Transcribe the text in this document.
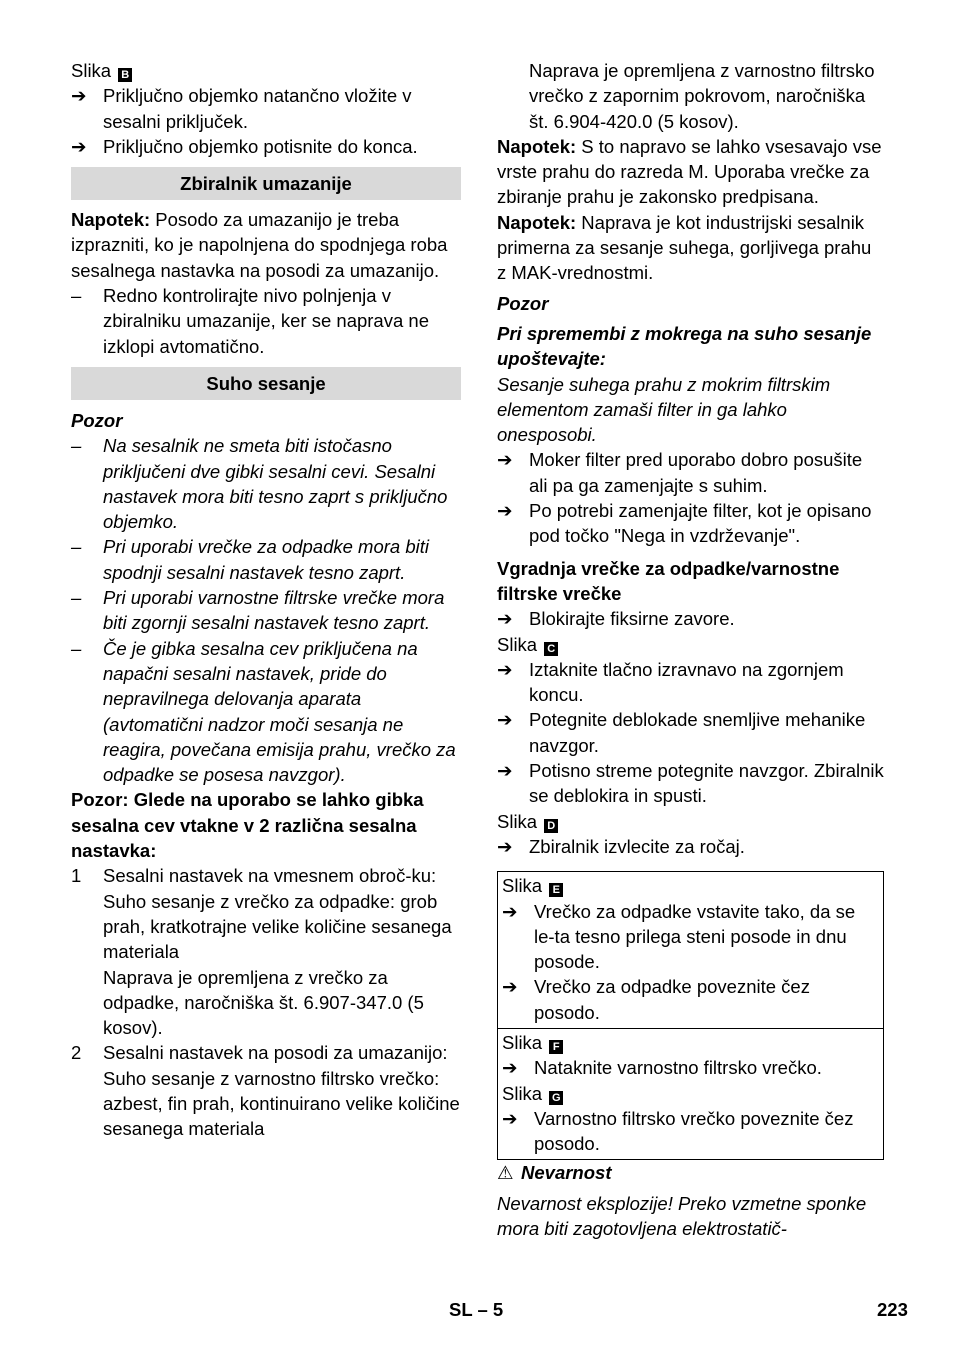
Slika B

➔ Priključno objemko natančno vložite v sesalni priključek.
➔ Priključno objemko potisnite do konca.
Zbiralnik umazanije

Napotek: Posodo za umazanijo je treba izprazniti, ko je napolnjena do spodnjega roba sesalnega nastavka na posodi za umazanijo.

–	Redno kontrolirajte nivo polnjenja v zbiralniku umazanije, ker se naprava ne izklopi avtomatično.
Suho sesanje

Pozor

–	Na sesalnik ne smeta biti istočasno priključeni dve gibki sesalni cevi. Sesalni nastavek mora biti tesno zaprt s priključno objemko.
–	Pri uporabi vrečke za odpadke mora biti spodnji sesalni nastavek tesno zaprt.
–	Pri uporabi varnostne filtrske vrečke mora biti zgornji sesalni nastavek tesno zaprt.
–	Če je gibka sesalna cev priključena na napačni sesalni nastavek, pride do nepravilnega delovanja aparata (avtomatični nadzor moči sesanja ne reagira, povečana emisija prahu, vrečko za odpadke se posesa navzgor).

Pozor: Glede na uporabo se lahko gibka sesalna cev vtakne v 2 različna sesalna nastavka:

1	Sesalni nastavek na vmesnem obroč-ku:

Suho sesanje z vrečko za odpadke: grob prah, kratkotrajne velike količine sesanega materiala

Naprava je opremljena z vrečko za odpadke, naročniška št. 6.907-347.0 (5 kosov).

2	Sesalni nastavek na posodi za umazanijo:

Suho sesanje z varnostno filtrsko vrečko: azbest, fin prah, kontinuirano velike količine sesanega materiala

Naprava je opremljena z varnostno filtrsko vrečko z zapornim pokrovom, naročniška št. 6.904-420.0 (5 kosov).

Napotek: S to napravo se lahko vsesavajo vse vrste prahu do razreda M. Uporaba vrečke za zbiranje prahu je zakonsko predpisana.

Napotek: Naprava je kot industrijski sesalnik primerna za sesanje suhega, gorljivega prahu z MAK-vrednostmi.

Pozor

Pri spremembi z mokrega na suho sesanje upoštevajte:

Sesanje suhega prahu z mokrim filtrskim elementom zamaši filter in ga lahko onesposobi.

➔ Moker filter pred uporabo dobro posušite ali pa ga zamenjajte s suhim.
➔ Po potrebi zamenjajte filter, kot je opisano pod točko "Nega in vzdrževanje".

Vgradnja vrečke za odpadke/varnostne filtrske vrečke

➔ Blokirajte fiksirne zavore.

Slika C

➔ Iztaknite tlačno izravnavo na zgornjem koncu.
➔ Potegnite deblokade snemljive mehanike navzgor.
➔ Potisno streme potegnite navzgor. Zbiralnik se deblokira in spusti.

Slika D

➔ Zbiralnik izvlecite za ročaj.

Slika E

➔ Vrečko za odpadke vstavite tako, da se le-ta tesno prilega steni posode in dnu posode.
➔ Vrečko za odpadke poveznite čez posodo.

Slika F

➔ Nataknite varnostno filtrsko vrečko.

Slika G

➔ Varnostno filtrsko vrečko poveznite čez posodo.

⚠ Nevarnost

Nevarnost eksplozije! Preko vzmetne sponke mora biti zagotovljena elektrostatič-

SL – 5	223
